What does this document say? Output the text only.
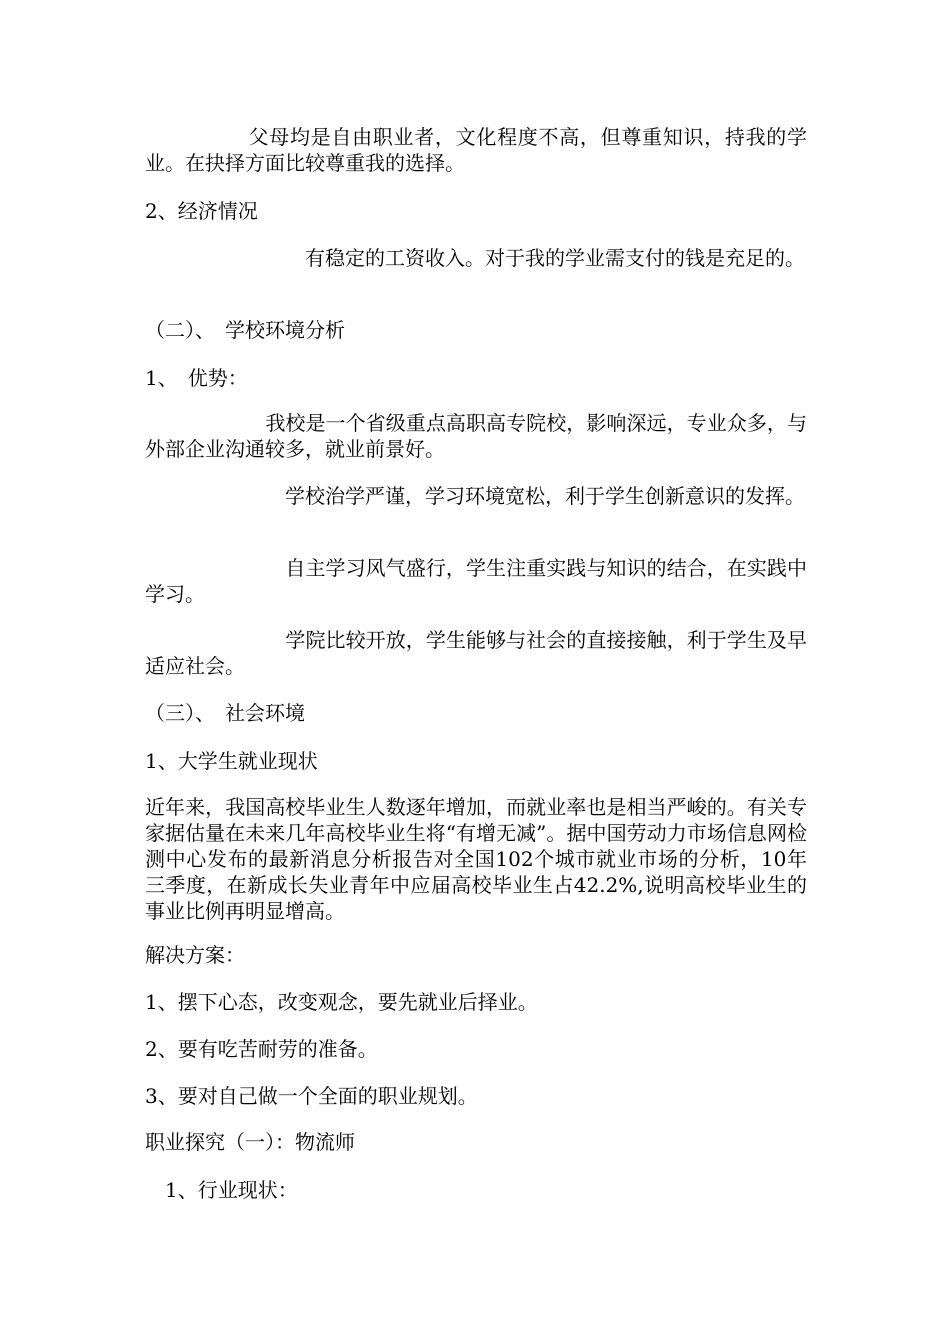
　　　　　父母均是自由职业者，文化程度不高，但尊重知识，持我的学业。在抉择方面比较尊重我的选择。

2、经济情况

　　　　　　　　有稳定的工资收入。对于我的学业需支付的钱是充足的。

（二）、　学校环境分析

1、　优势：

　　　　　　我校是一个省级重点高职高专院校，影响深远，专业众多，与外部企业沟通较多，就业前景好。

　　　　　　　学校治学严谨，学习环境宽松，利于学生创新意识的发挥。

　　　　　　　自主学习风气盛行，学生注重实践与知识的结合，在实践中学习。

　　　　　　　学院比较开放，学生能够与社会的直接接触，利于学生及早适应社会。

（三）、　社会环境

1、大学生就业现状

近年来，我国高校毕业生人数逐年增加，而就业率也是相当严峻的。有关专家据估量在未来几年高校毕业生将“有增无减”。据中国劳动力市场信息网检测中心发布的最新消息分析报告对全国102个城市就业市场的分析，10年三季度，在新成长失业青年中应届高校毕业生占42.2%,说明高校毕业生的事业比例再明显增高。

解决方案：

1、摆下心态，改变观念，要先就业后择业。

2、要有吃苦耐劳的准备。

3、要对自己做一个全面的职业规划。

职业探究（一）：物流师

　1、行业现状：
